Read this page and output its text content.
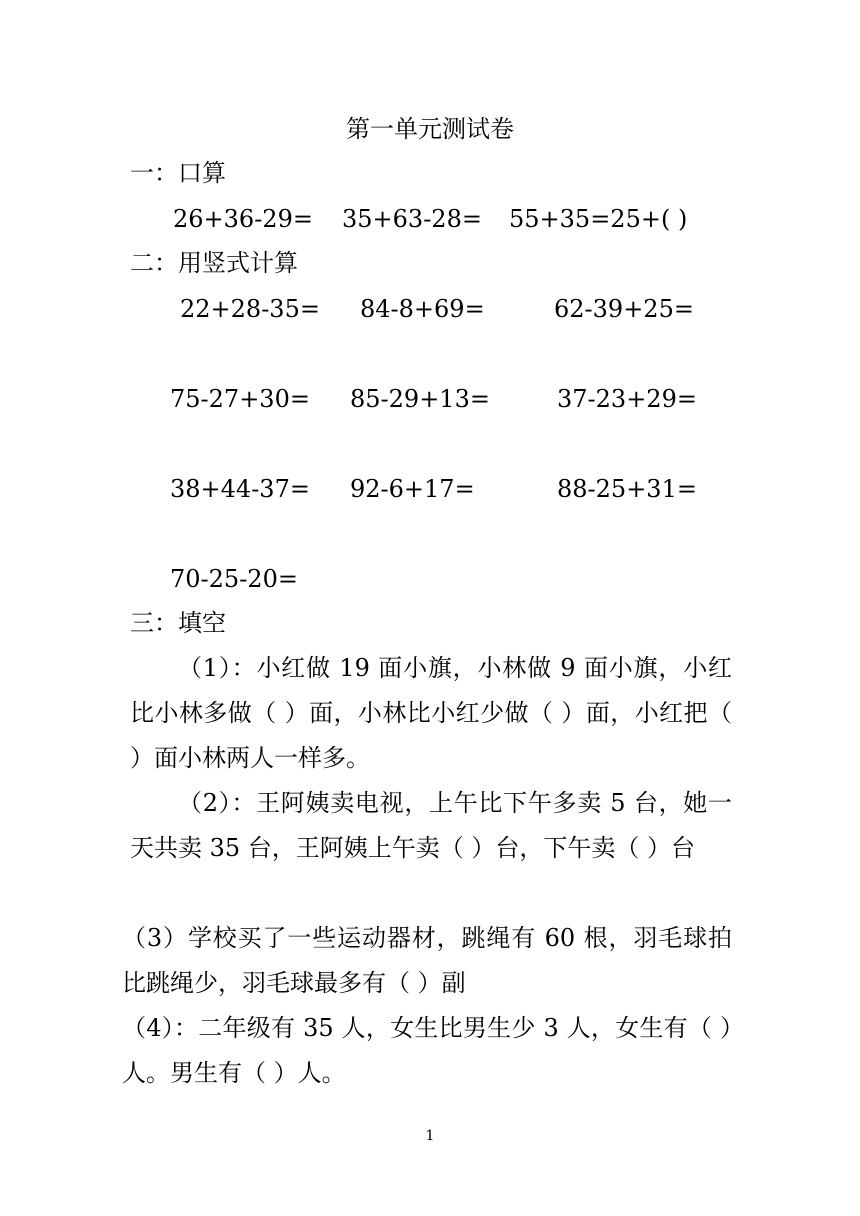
第一单元测试卷
一：口算
26+36-29= 35+63-28= 55+35=25+( )
二：用竖式计算
22+28-35= 84-8+69=	62-39+25=
75-27+30= 85-29+13=	37-23+29=
38+44-37= 92-6+17=	88-25+31=
70-25-20=
三：填空
（1）：小红做 19 面小旗，小林做 9 面小旗，小红比小林多做（ ）面，小林比小红少做（ ）面，小红把（ ）面小林两人一样多。
（2）：王阿姨卖电视，上午比下午多卖 5 台，她一天共卖 35 台，王阿姨上午卖（ ）台，下午卖（ ）台
（3）学校买了一些运动器材，跳绳有 60 根，羽毛球拍比跳绳少，羽毛球最多有（ ）副
（4）：二年级有 35 人，女生比男生少 3 人，女生有（ ）人。男生有（ ）人。
1
